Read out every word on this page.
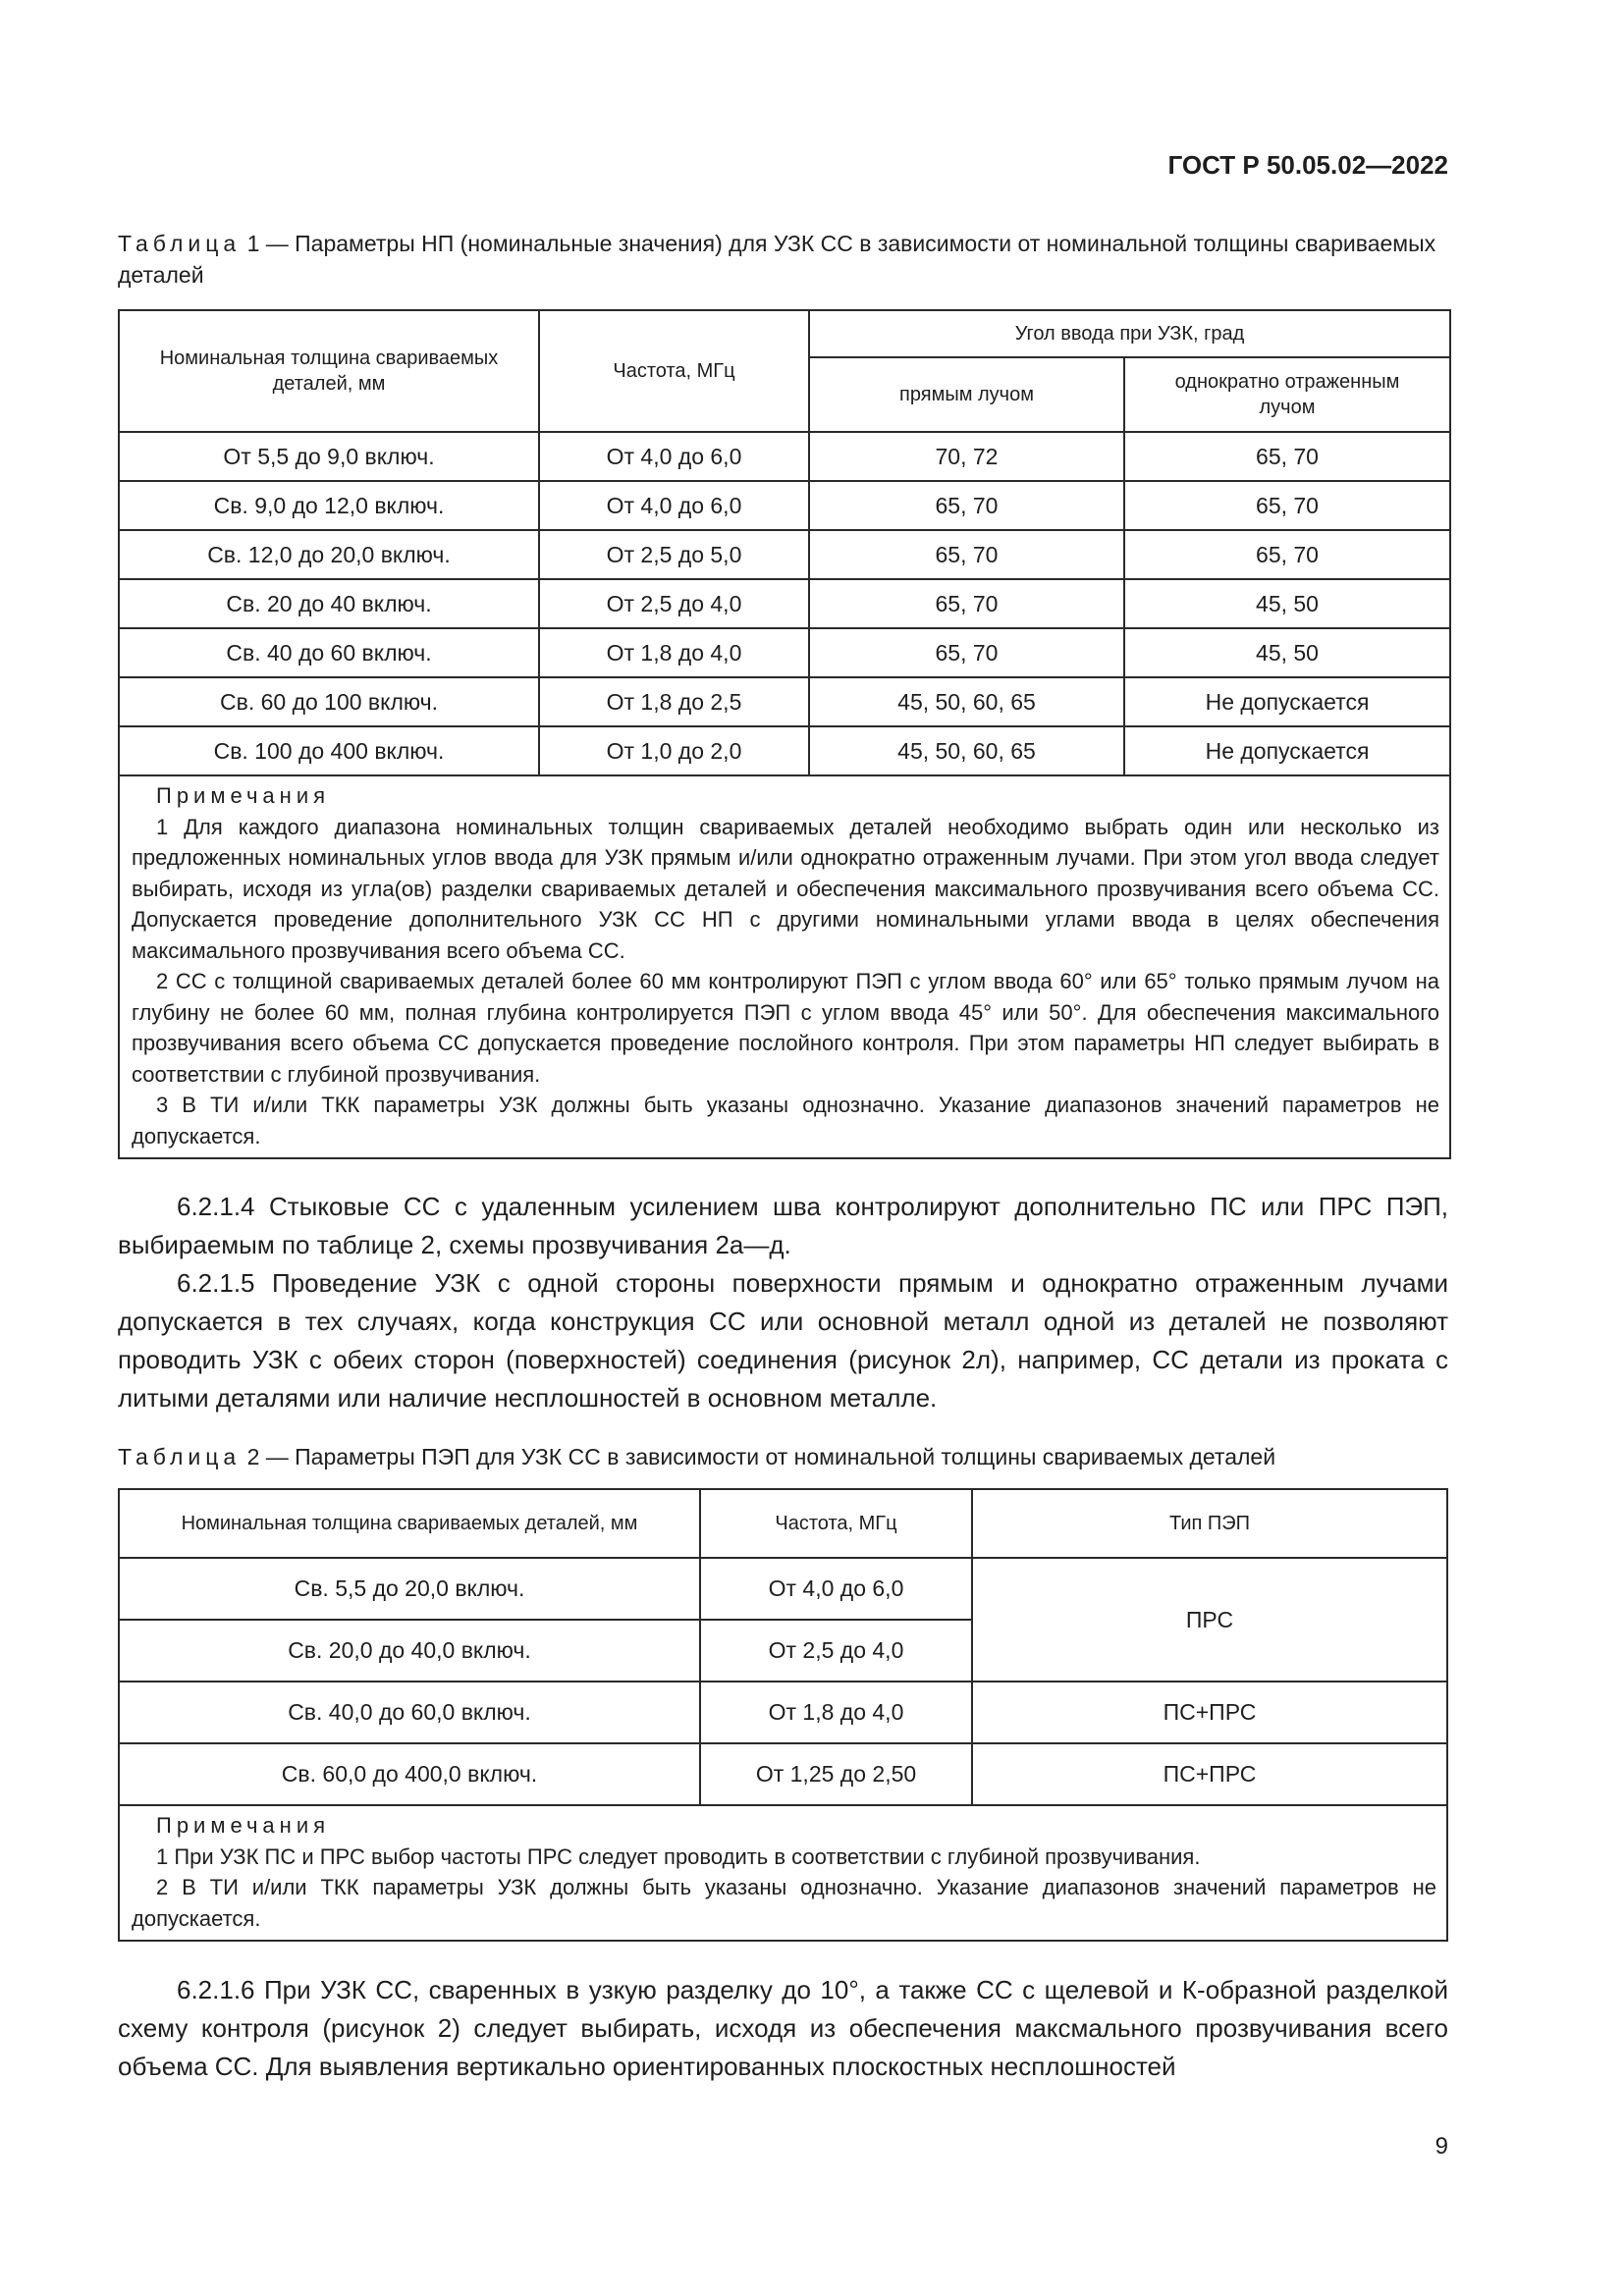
ГОСТ Р 50.05.02—2022
Таблица 1 — Параметры НП (номинальные значения) для УЗК СС в зависимости от номинальной толщины свариваемых деталей
Номинальная толщина свариваемых деталей, мм	Частота, МГц	Угол ввода при УЗК, град	
		прямым лучом	однократно отраженным лучом
От 5,5 до 9,0 включ.	От 4,0 до 6,0	70, 72	65, 70
Св. 9,0 до 12,0 включ.	От 4,0 до 6,0	65, 70	65, 70
Св. 12,0 до 20,0 включ.	От 2,5 до 5,0	65, 70	65, 70
Св. 20 до 40 включ.	От 2,5 до 4,0	65, 70	45, 50
Св. 40 до 60 включ.	От 1,8 до 4,0	65, 70	45, 50
Св. 60 до 100 включ.	От 1,8 до 2,5	45, 50, 60, 65	Не допускается
Св. 100 до 400 включ.	От 1,0 до 2,0	45, 50, 60, 65	Не допускается

Примечания

1 Для каждого диапазона номинальных толщин свариваемых деталей необходимо выбрать один или несколько из предложенных номинальных углов ввода для УЗК прямым и/или однократно отраженным лучами. При этом угол ввода следует выбирать, исходя из угла(ов) разделки свариваемых деталей и обеспечения максимального прозвучивания всего объема СС. Допускается проведение дополнительного УЗК СС НП с другими номинальными углами ввода в целях обеспечения максимального прозвучивания всего объема СС.

2 СС с толщиной свариваемых деталей более 60 мм контролируют ПЭП с углом ввода 60° или 65° только прямым лучом на глубину не более 60 мм, полная глубина контролируется ПЭП с углом ввода 45° или 50°. Для обеспечения максимального прозвучивания всего объема СС допускается проведение послойного контроля. При этом параметры НП следует выбирать в соответствии с глубиной прозвучивания.

3 В ТИ и/или ТКК параметры УЗК должны быть указаны однозначно. Указание диапазонов значений параметров не допускается.			

6.2.1.4 Стыковые СС с удаленным усилением шва контролируют дополнительно ПС или ПРС ПЭП, выбираемым по таблице 2, схемы прозвучивания 2а—д.

6.2.1.5 Проведение УЗК с одной стороны поверхности прямым и однократно отраженным лучами допускается в тех случаях, когда конструкция СС или основной металл одной из деталей не позволяют проводить УЗК с обеих сторон (поверхностей) соединения (рисунок 2л), например, СС детали из проката с литыми деталями или наличие несплошностей в основном металле.

Таблица 2 — Параметры ПЭП для УЗК СС в зависимости от номинальной толщины свариваемых деталей
Номинальная толщина свариваемых деталей, мм	Частота, МГц	Тип ПЭП
Св. 5,5 до 20,0 включ.	От 4,0 до 6,0	ПРС
Св. 20,0 до 40,0 включ.	От 2,5 до 4,0	
Св. 40,0 до 60,0 включ.	От 1,8 до 4,0	ПС+ПРС
Св. 60,0 до 400,0 включ.	От 1,25 до 2,50	ПС+ПРС

Примечания

1 При УЗК ПС и ПРС выбор частоты ПРС следует проводить в соответствии с глубиной прозвучивания.

2 В ТИ и/или ТКК параметры УЗК должны быть указаны однозначно. Указание диапазонов значений параметров не допускается.		

6.2.1.6 При УЗК СС, сваренных в узкую разделку до 10°, а также СС с щелевой и К-образной разделкой схему контроля (рисунок 2) следует выбирать, исходя из обеспечения максмального прозвучивания всего объема СС. Для выявления вертикально ориентированных плоскостных несплошностей

9
